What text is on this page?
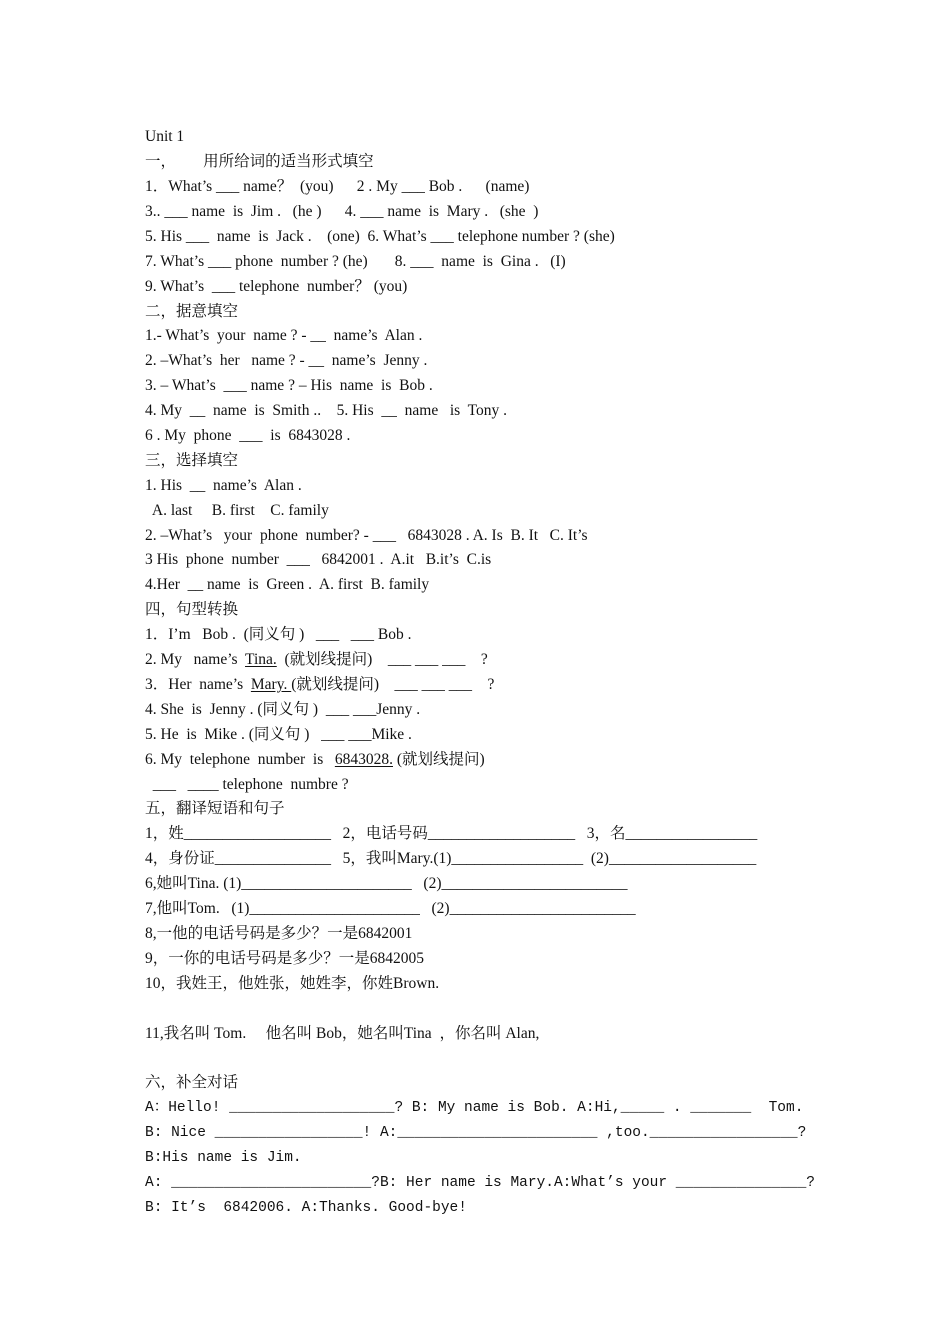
Unit 1
一，       用所给词的适当形式填空
1．What’s ___ name？  (you)      2 . My ___ Bob .      (name)
3.. ___ name  is  Jim .   (he )      4. ___ name  is  Mary .   (she  )
5. His ___  name  is  Jack .    (one)  6. What’s ___ telephone number ? (she)
7. What’s ___ phone  number ? (he)       8. ___  name  is  Gina .   (I)
9. What’s  ___ telephone  number？ (you)
二，据意填空
1.- What’s  your  name ? - __  name’s  Alan .
2. –What’s  her   name ? - __  name’s  Jenny .
3. – What’s  ___ name ? – His  name  is  Bob .
4. My  __  name  is  Smith ..    5. His  __  name   is  Tony .
6 . My  phone  ___  is  6843028 .
三，选择填空
1. His  __  name’s  Alan .
A. last     B. first    C. family
2. –What’s   your  phone  number? - ___   6843028 . A. Is  B. It   C. It’s
3 His  phone  number  ___   6842001 .  A.it   B.it’s  C.is
4.Her  __ name  is  Green .  A. first  B. family
四，句型转换
1．I’m   Bob .  (同义句 )   ___   ___ Bob .
2. My   name’s  Tina.  (就划线提问)    ___ ___ ___    ?
3．Her  name’s  Mary. (就划线提问)    ___ ___ ___    ?
4. She  is  Jenny . (同义句 )  ___ ___Jenny .
5. He  is  Mike . (同义句 )   ___ ___Mike .
6. My  telephone  number  is   6843028. (就划线提问)
___   ____ telephone  numbre ?
五，翻译短语和句子
1，姓___________________   2，电话号码___________________   3，名_________________
4，身份证_______________   5，我叫Mary.(1)_________________  (2)___________________
6,她叫Tina. (1)______________________   (2)________________________
7,他叫Tom.   (1)______________________   (2)________________________
8,一他的电话号码是多少？一是6842001
9，一你的电话号码是多少？一是6842005
10，我姓王，他姓张，她姓李，你姓Brown.
11,我名叫 Tom.     他名叫 Bob，她名叫Tina  ，你名叫 Alan,
六，补全对话
A：Hello! ___________________? B: My name is Bob. A:Hi,_____ . _______  Tom.
B: Nice _________________! A:_______________________ ,too._________________?
B:His name is Jim.
A: _______________________?B: Her name is Mary.A:What’s your _______________?
B: It’s  6842006. A:Thanks. Good-bye!
